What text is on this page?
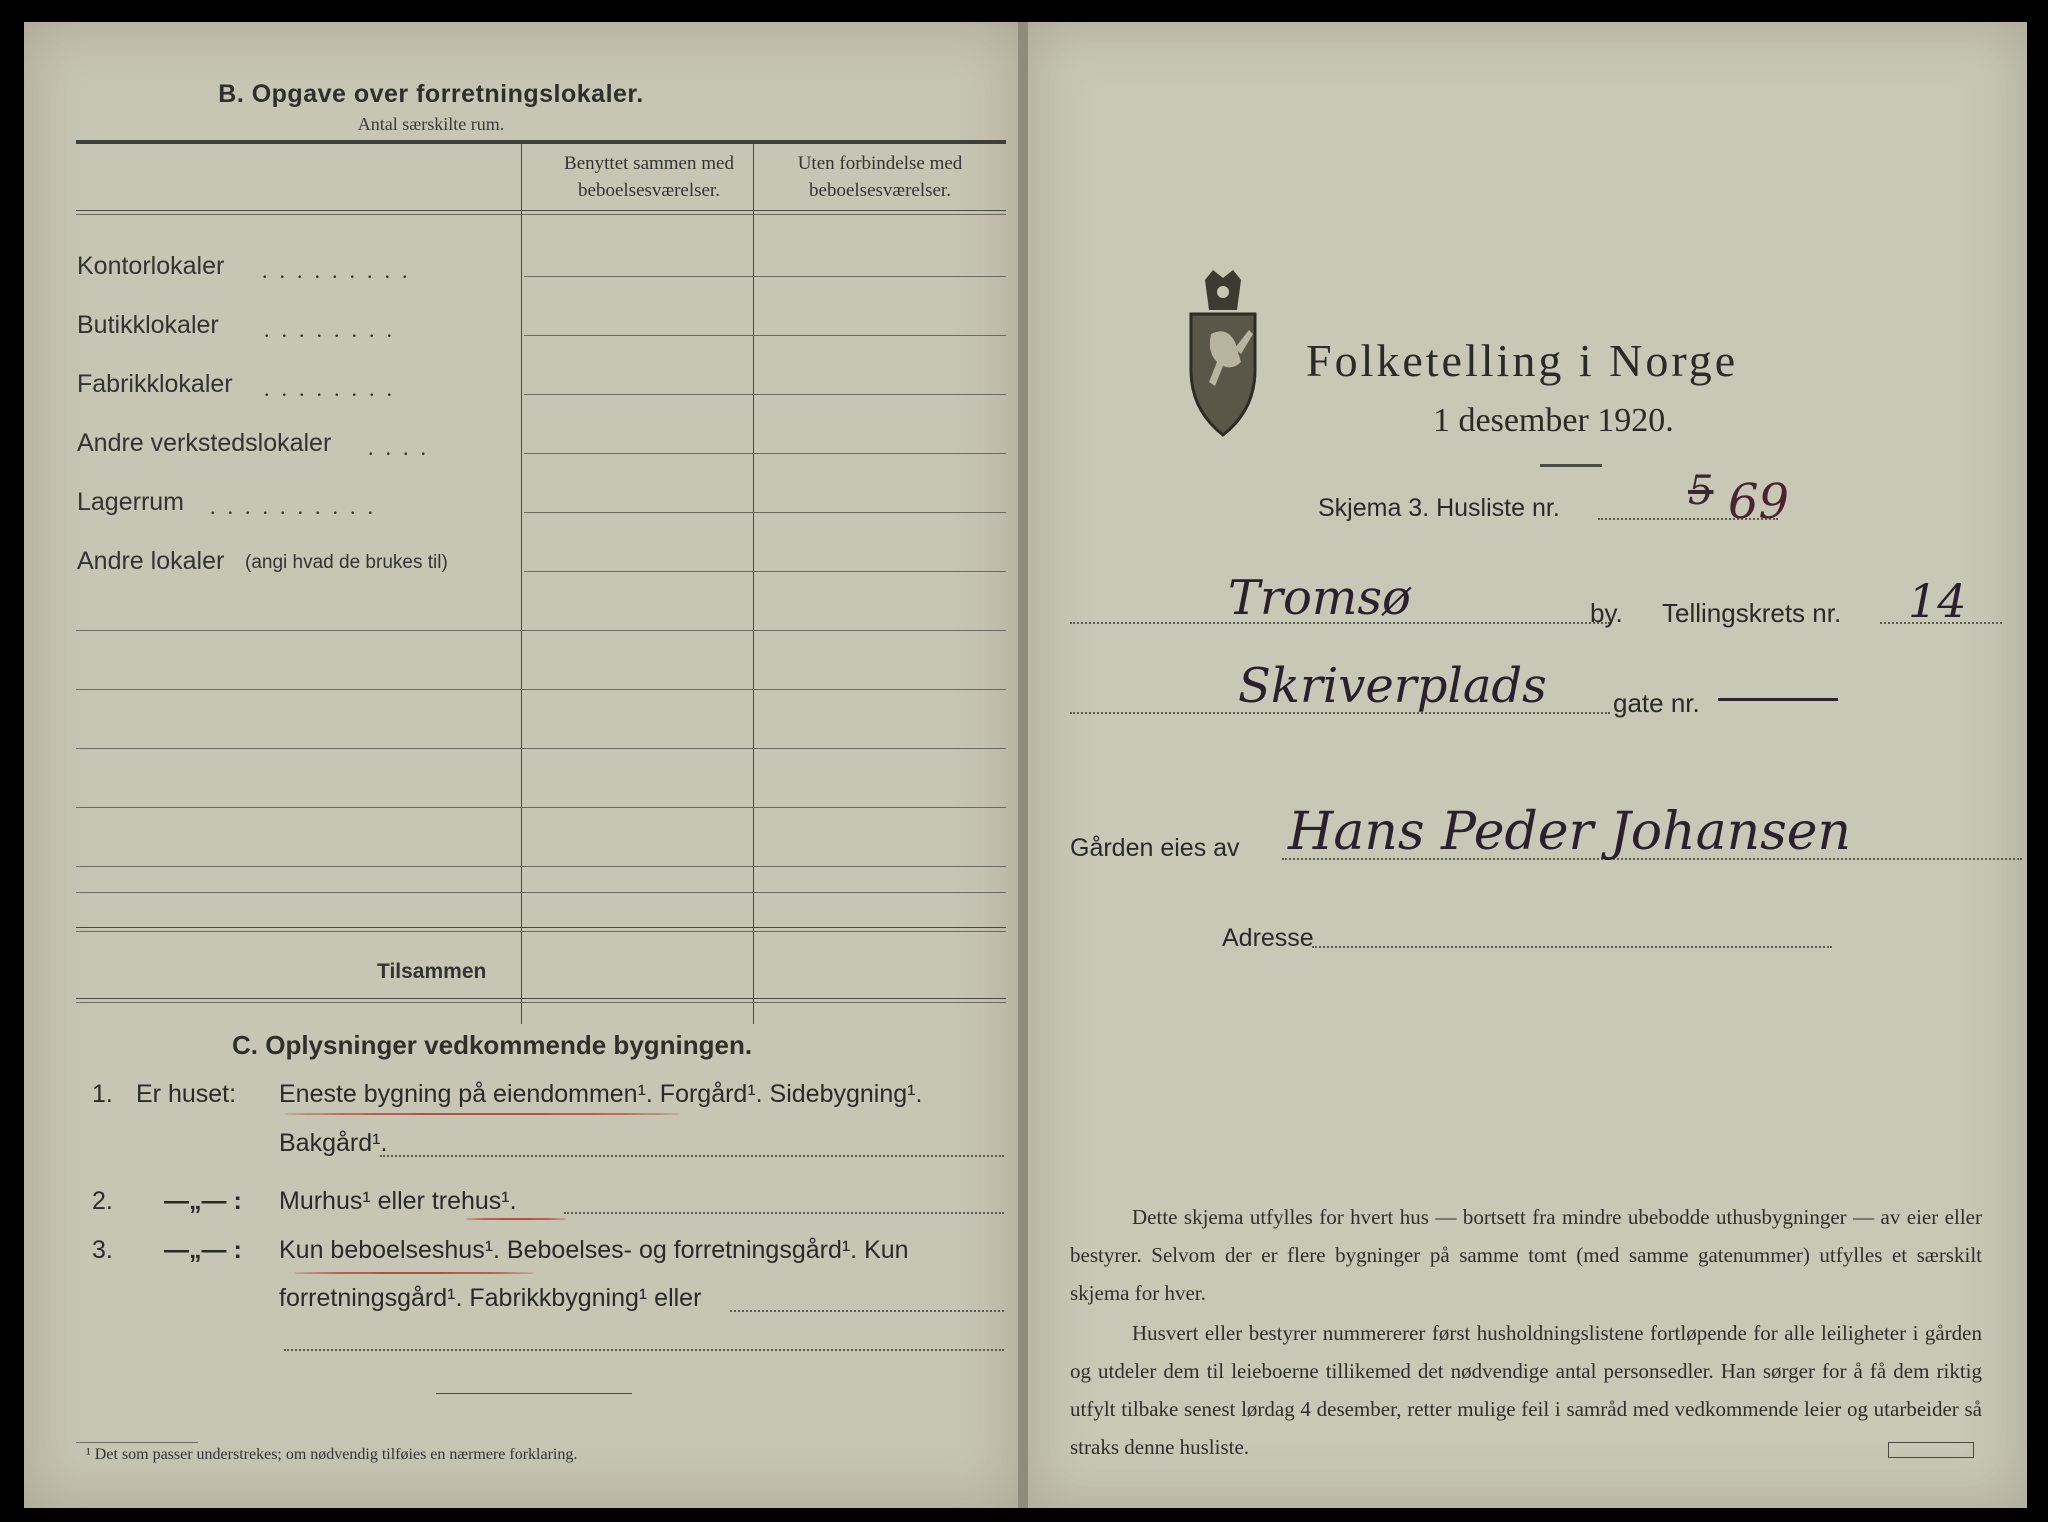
B. Opgave over forretningslokaler.
Antal særskilte rum.
Benyttet sammen med beboelsesværelser.
Uten forbindelse med beboelsesværelser.
Kontorlokaler
Butikklokaler
Fabrikklokaler
Andre verkstedslokaler
Lagerrum
Andre lokaler (angi hvad de brukes til)
.........
........
........
....
..........
Tilsammen
C. Oplysninger vedkommende bygningen.
1. Er huset: Eneste bygning på eiendommen¹. Forgård¹. Sidebygning¹.
Bakgård¹.
2. —„— : Murhus¹ eller trehus¹.
3. —„— : Kun beboelseshus¹. Beboelses- og forretningsgård¹. Kun
forretningsgård¹. Fabrikkbygning¹ eller
¹ Det som passer understrekes; om nødvendig tilføies en nærmere forklaring.
Folketelling i Norge
1 desember 1920.
Skjema 3. Husliste nr.	5 69
Tromsø	by. Tellingskrets nr. 14
Skriverplads	gate nr.
Gården eies av Hans Peder Johansen
Adresse
Dette skjema utfylles for hvert hus — bortsett fra mindre ubebodde uthusbygninger — av eier eller bestyrer. Selvom der er flere bygninger på samme tomt (med samme gatenummer) utfylles et særskilt skjema for hver.
Husvert eller bestyrer nummererer først husholdningslistene fortløpende for alle leiligheter i gården og utdeler dem til leieboerne tillikemed det nødvendige antal personsedler. Han sørger for å få dem riktig utfylt tilbake senest lørdag 4 desember, retter mulige feil i samråd med vedkommende leier og utarbeider så straks denne husliste.
